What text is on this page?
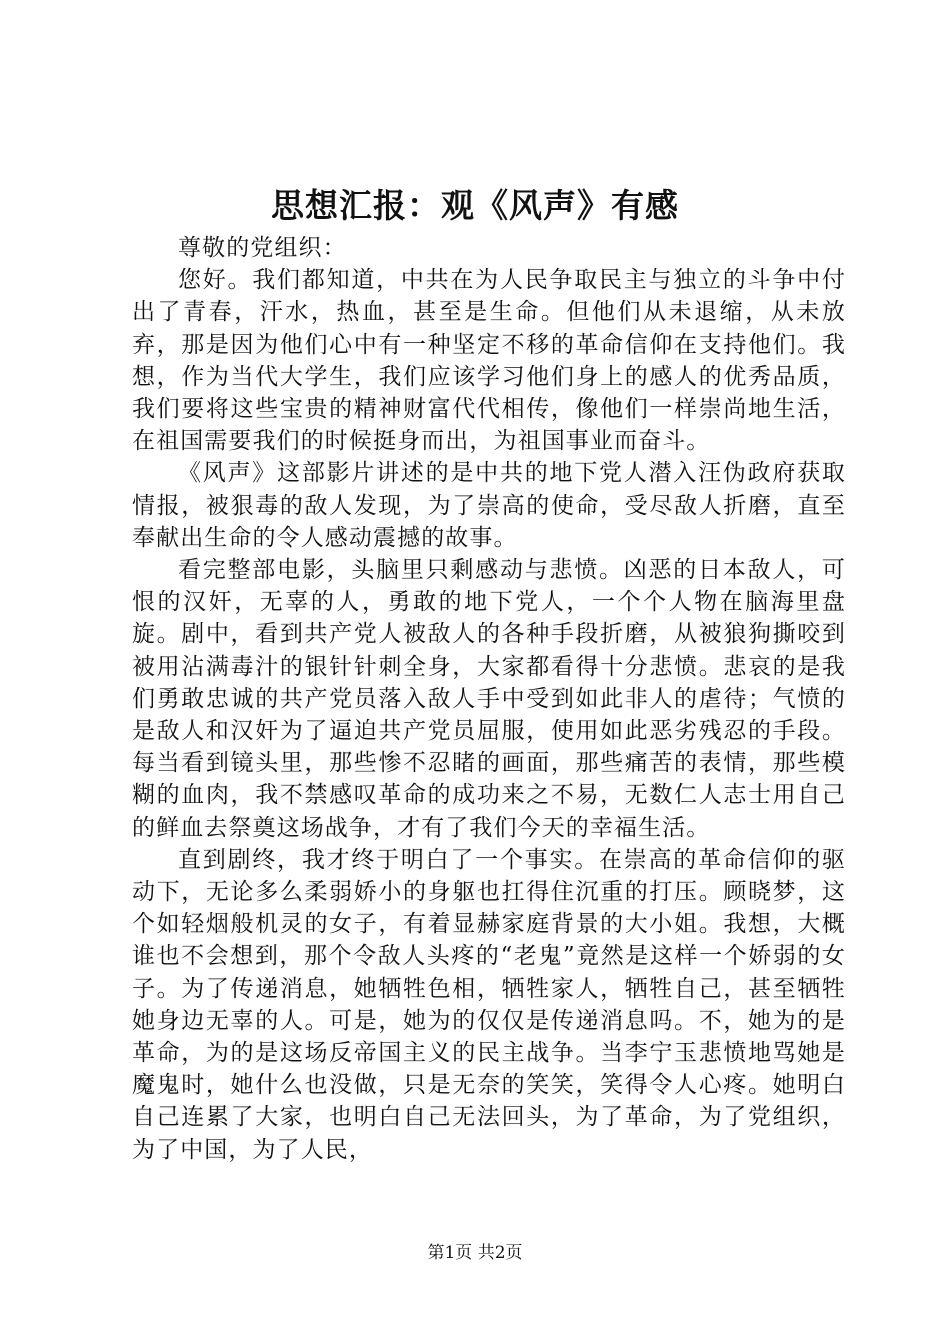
思想汇报：观《风声》有感

尊敬的党组织：

您好。我们都知道，中共在为人民争取民主与独立的斗争中付出了青春，汗水，热血，甚至是生命。但他们从未退缩，从未放弃，那是因为他们心中有一种坚定不移的革命信仰在支持他们。我想，作为当代大学生，我们应该学习他们身上的感人的优秀品质，我们要将这些宝贵的精神财富代代相传，像他们一样崇尚地生活，在祖国需要我们的时候挺身而出，为祖国事业而奋斗。

《风声》这部影片讲述的是中共的地下党人潜入汪伪政府获取情报，被狠毒的敌人发现，为了崇高的使命，受尽敌人折磨，直至奉献出生命的令人感动震撼的故事。

看完整部电影，头脑里只剩感动与悲愤。凶恶的日本敌人，可恨的汉奸，无辜的人，勇敢的地下党人，一个个人物在脑海里盘旋。剧中，看到共产党人被敌人的各种手段折磨，从被狼狗撕咬到被用沾满毒汁的银针针刺全身，大家都看得十分悲愤。悲哀的是我们勇敢忠诚的共产党员落入敌人手中受到如此非人的虐待；气愤的是敌人和汉奸为了逼迫共产党员屈服，使用如此恶劣残忍的手段。每当看到镜头里，那些惨不忍睹的画面，那些痛苦的表情，那些模糊的血肉，我不禁感叹革命的成功来之不易，无数仁人志士用自己的鲜血去祭奠这场战争，才有了我们今天的幸福生活。

直到剧终，我才终于明白了一个事实。在崇高的革命信仰的驱动下，无论多么柔弱娇小的身躯也扛得住沉重的打压。顾晓梦，这个如轻烟般机灵的女子，有着显赫家庭背景的大小姐。我想，大概谁也不会想到，那个令敌人头疼的“老鬼”竟然是这样一个娇弱的女子。为了传递消息，她牺牲色相，牺牲家人，牺牲自己，甚至牺牲她身边无辜的人。可是，她为的仅仅是传递消息吗。不，她为的是革命，为的是这场反帝国主义的民主战争。当李宁玉悲愤地骂她是魔鬼时，她什么也没做，只是无奈的笑笑，笑得令人心疼。她明白自己连累了大家，也明白自己无法回头，为了革命，为了党组织，为了中国，为了人民，

第1页 共2页
